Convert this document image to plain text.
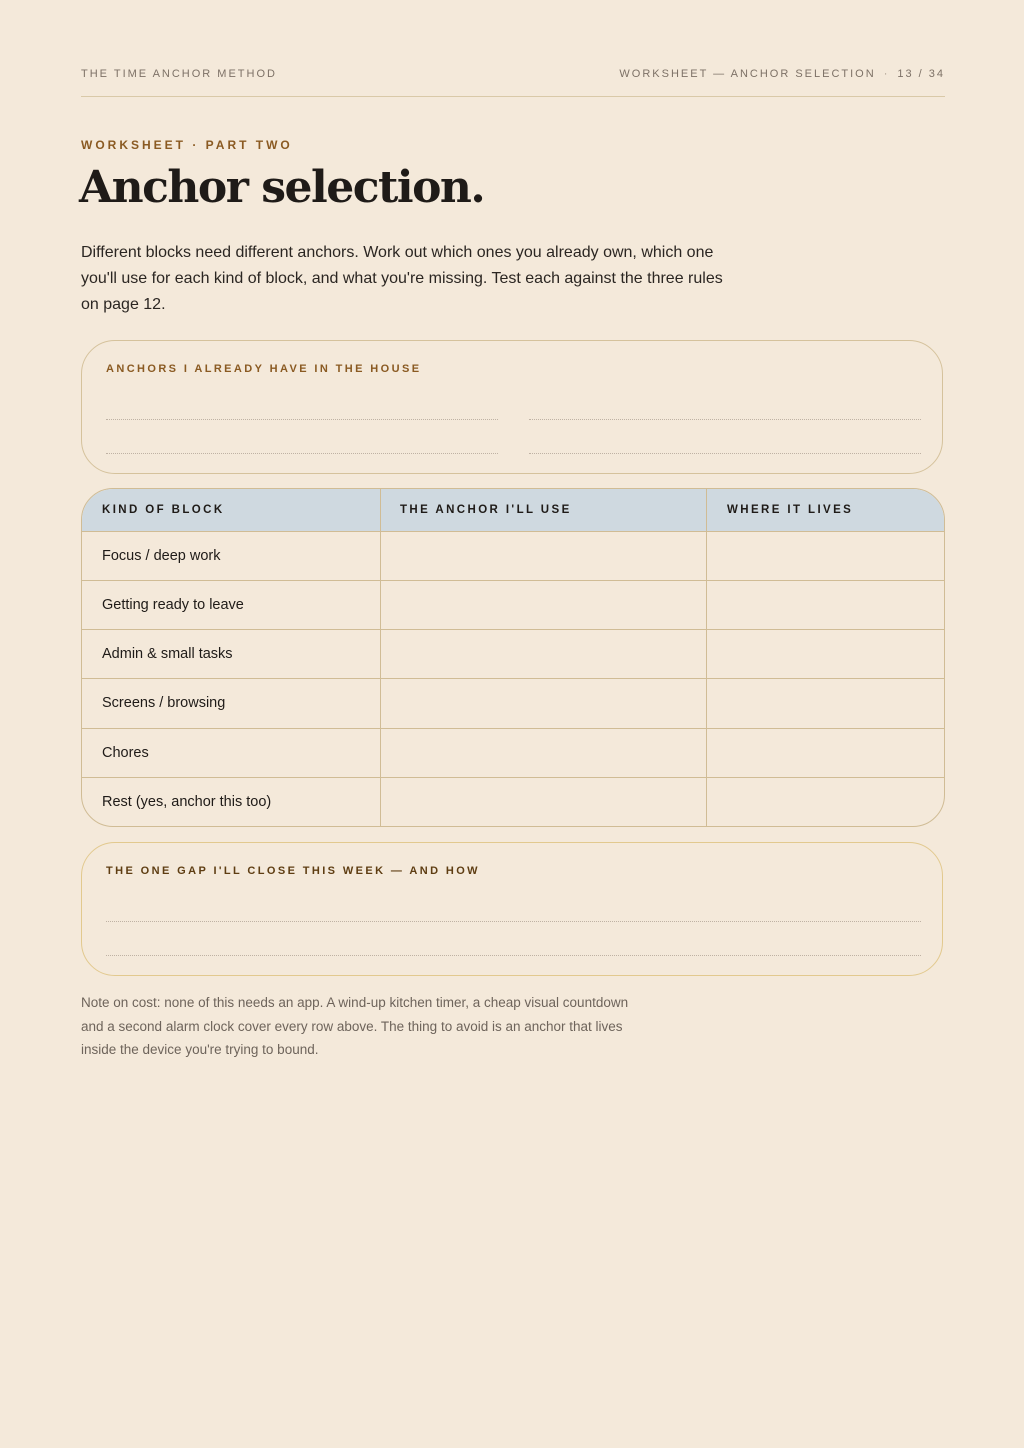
THE TIME ANCHOR METHOD	WORKSHEET — ANCHOR SELECTION · 13 / 34
WORKSHEET · PART TWO
Anchor selection.

Different blocks need different anchors. Work out which ones you already own, which one you'll use for each kind of block, and what you're missing. Test each against the three rules on page 12.

ANCHORS I ALREADY HAVE IN THE HOUSE
KIND OF BLOCK	THE ANCHOR I'LL USE	WHERE IT LIVES
Focus / deep work
Getting ready to leave
Admin & small tasks
Screens / browsing
Chores
Rest (yes, anchor this too)
THE ONE GAP I'LL CLOSE THIS WEEK — AND HOW

Note on cost: none of this needs an app. A wind-up kitchen timer, a cheap visual countdown and a second alarm clock cover every row above. The thing to avoid is an anchor that lives inside the device you're trying to bound.
